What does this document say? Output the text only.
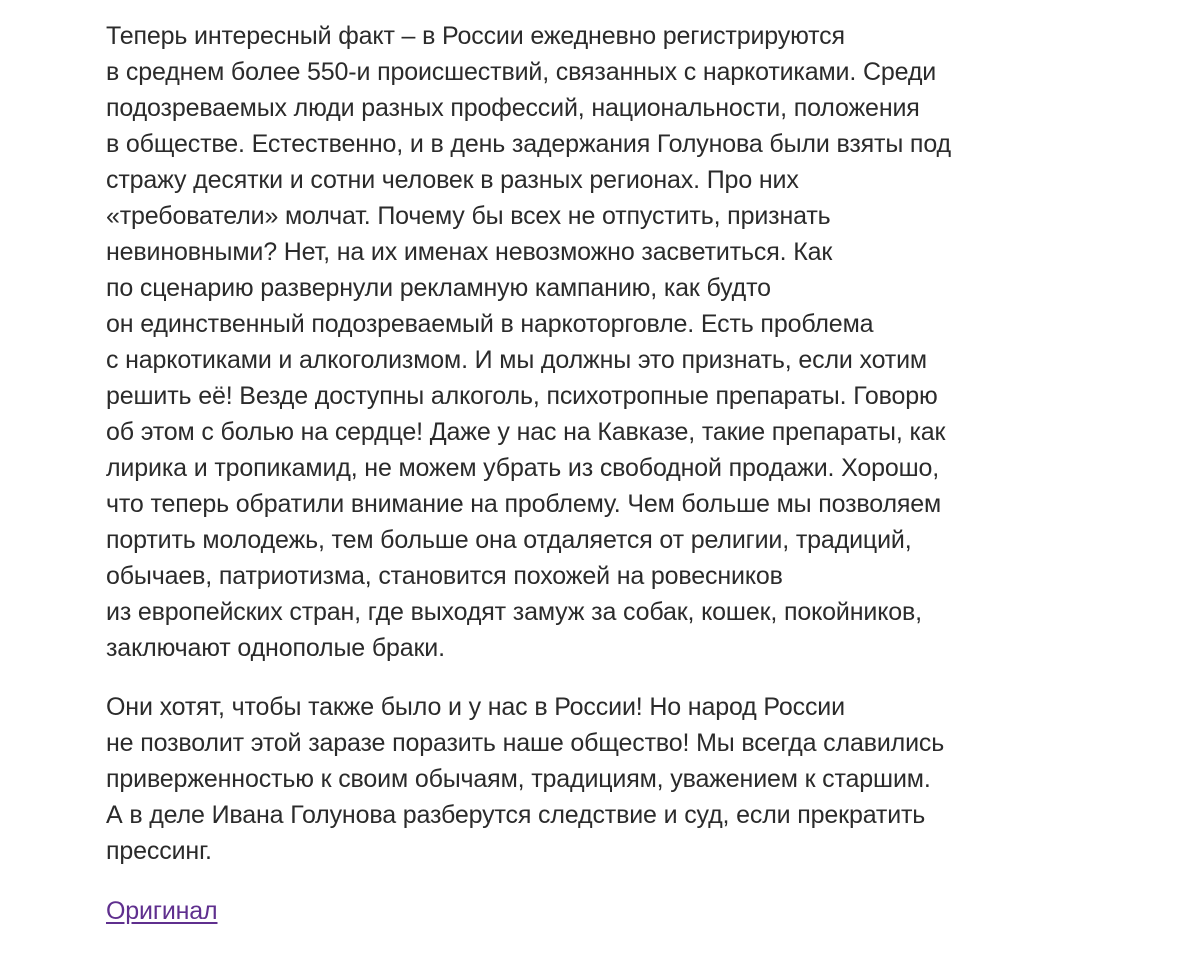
Теперь интересный факт – в России ежедневно регистрируются
в среднем более 550-и происшествий, связанных с наркотиками. Среди
подозреваемых люди разных профессий, национальности, положения
в обществе. Естественно, и в день задержания Голунова были взяты под
стражу десятки и сотни человек в разных регионах. Про них
«требователи» молчат. Почему бы всех не отпустить, признать
невиновными? Нет, на их именах невозможно засветиться. Как
по сценарию развернули рекламную кампанию, как будто
он единственный подозреваемый в наркоторговле. Есть проблема
с наркотиками и алкоголизмом. И мы должны это признать, если хотим
решить её! Везде доступны алкоголь, психотропные препараты. Говорю
об этом с болью на сердце! Даже у нас на Кавказе, такие препараты, как
лирика и тропикамид, не можем убрать из свободной продажи. Хорошо,
что теперь обратили внимание на проблему. Чем больше мы позволяем
портить молодежь, тем больше она отдаляется от религии, традиций,
обычаев, патриотизма, становится похожей на ровесников
из европейских стран, где выходят замуж за собак, кошек, покойников,
заключают однополые браки.

Они хотят, чтобы также было и у нас в России! Но народ России
не позволит этой заразе поразить наше общество! Мы всегда славились
приверженностью к своим обычаям, традициям, уважением к старшим.
А в деле Ивана Голунова разберутся следствие и суд, если прекратить
прессинг.

Оригинал
